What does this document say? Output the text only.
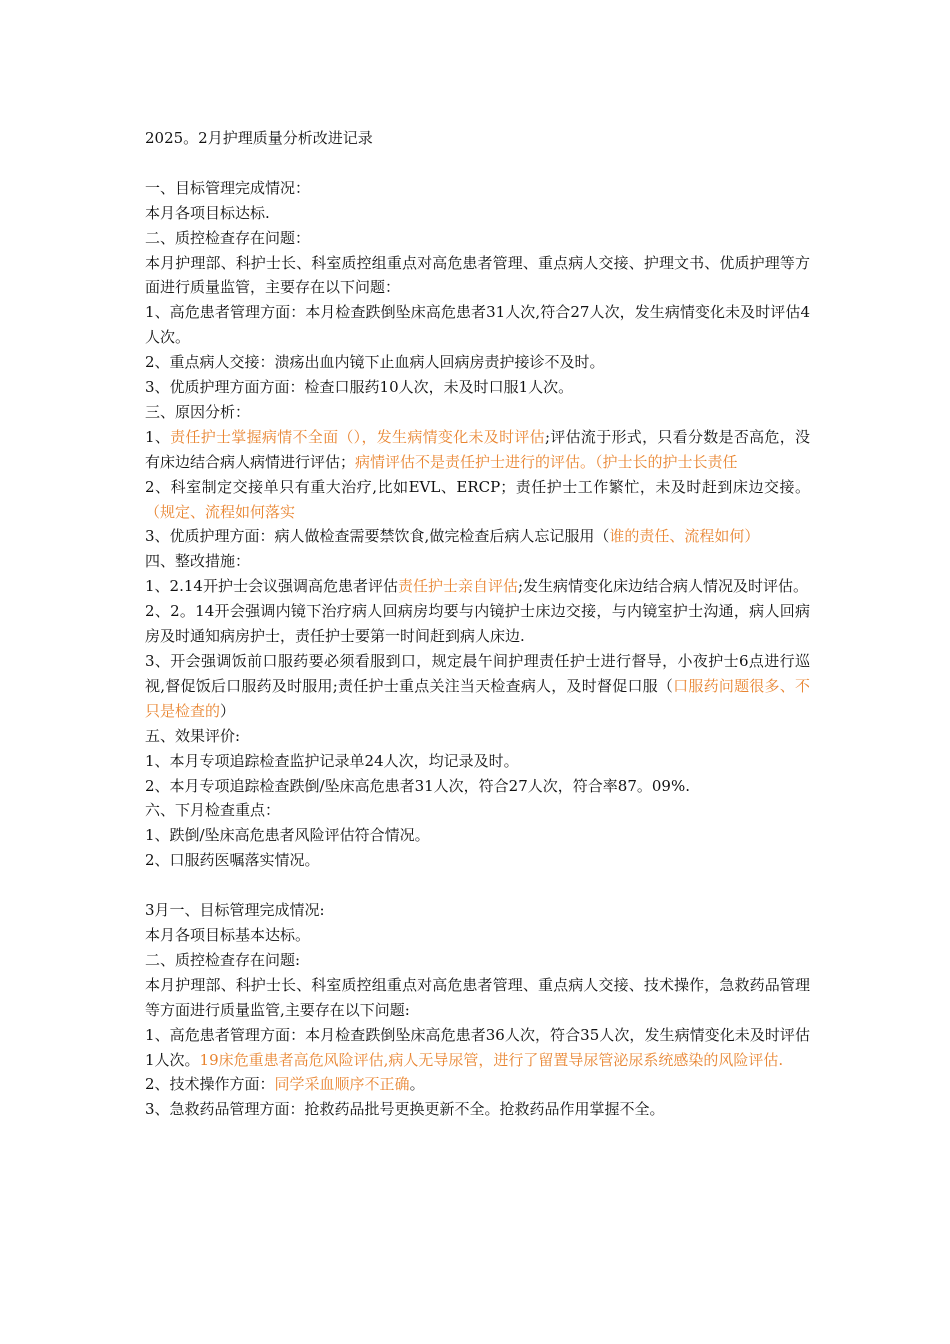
2025。2月护理质量分析改进记录

一、目标管理完成情况：

本月各项目标达标.

二、质控检查存在问题：

本月护理部、科护士长、科室质控组重点对高危患者管理、重点病人交接、护理文书、优质护理等方面进行质量监管，主要存在以下问题：

1、高危患者管理方面：本月检查跌倒坠床高危患者31人次,符合27人次，发生病情变化未及时评估4人次。

2、重点病人交接：溃疡出血内镜下止血病人回病房责护接诊不及时。

3、优质护理方面方面：检查口服药10人次，未及时口服1人次。

三、原因分析：

1、责任护士掌握病情不全面（），发生病情变化未及时评估;评估流于形式，只看分数是否高危，没有床边结合病人病情进行评估；病情评估不是责任护士进行的评估。（护士长的护士长责任

2、科室制定交接单只有重大治疗,比如EVL、ERCP；责任护士工作繁忙，未及时赶到床边交接。（规定、流程如何落实

3、优质护理方面：病人做检查需要禁饮食,做完检查后病人忘记服用（谁的责任、流程如何）

四、整改措施：

1、2.14开护士会议强调高危患者评估责任护士亲自评估;发生病情变化床边结合病人情况及时评估。

2、2。14开会强调内镜下治疗病人回病房均要与内镜护士床边交接，与内镜室护士沟通，病人回病房及时通知病房护士，责任护士要第一时间赶到病人床边.

3、开会强调饭前口服药要必须看服到口，规定晨午间护理责任护士进行督导，小夜护士6点进行巡视,督促饭后口服药及时服用;责任护士重点关注当天检查病人，及时督促口服（口服药问题很多、不只是检查的）

五、效果评价:

1、本月专项追踪检查监护记录单24人次，均记录及时。

2、本月专项追踪检查跌倒/坠床高危患者31人次，符合27人次，符合率87。09%.

六、下月检查重点：

1、跌倒/坠床高危患者风险评估符合情况。

2、口服药医嘱落实情况。

3月一、目标管理完成情况:

本月各项目标基本达标。

二、质控检查存在问题:

本月护理部、科护士长、科室质控组重点对高危患者管理、重点病人交接、技术操作，急救药品管理等方面进行质量监管,主要存在以下问题:

1、高危患者管理方面：本月检查跌倒坠床高危患者36人次，符合35人次，发生病情变化未及时评估1人次。19床危重患者高危风险评估,病人无导尿管，进行了留置导尿管泌尿系统感染的风险评估.

2、技术操作方面：同学采血顺序不正确。

3、急救药品管理方面：抢救药品批号更换更新不全。抢救药品作用掌握不全。
